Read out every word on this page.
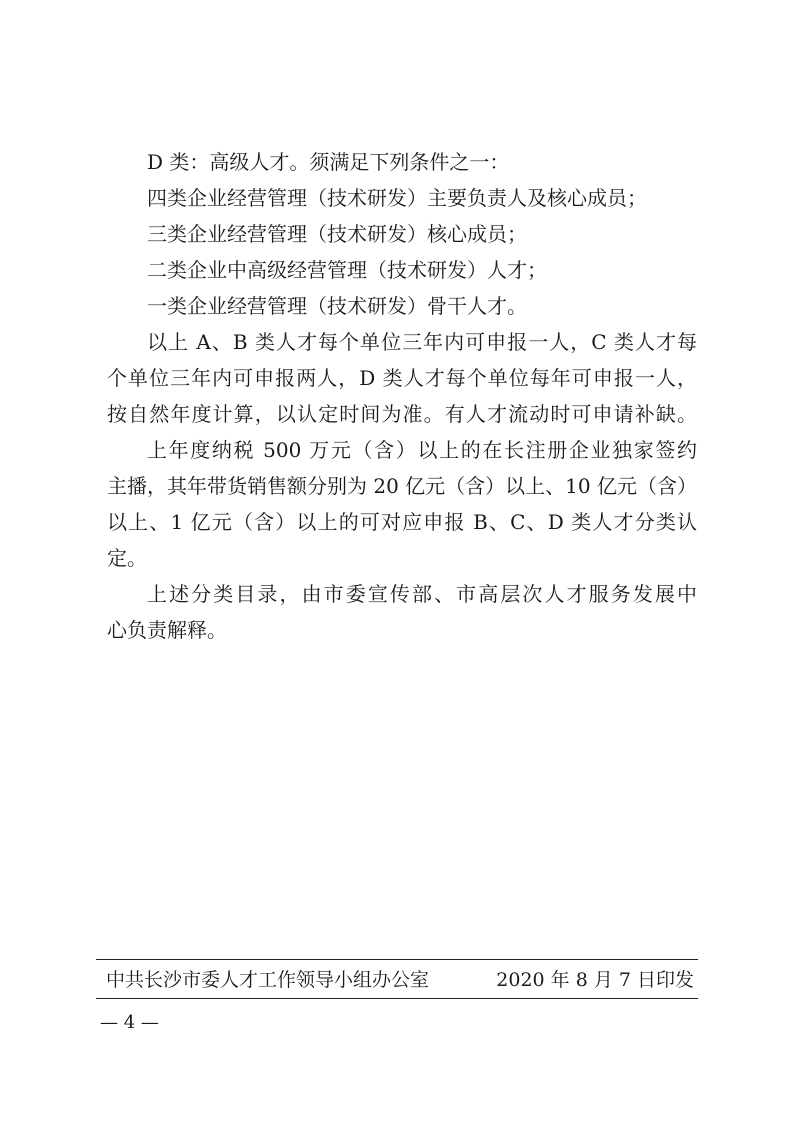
D 类：高级人才。须满足下列条件之一：
四类企业经营管理（技术研发）主要负责人及核心成员；
三类企业经营管理（技术研发）核心成员；
二类企业中高级经营管理（技术研发）人才；
一类企业经营管理（技术研发）骨干人才。
以上 A、B 类人才每个单位三年内可申报一人，C 类人才每
个单位三年内可申报两人，D 类人才每个单位每年可申报一人，
按自然年度计算，以认定时间为准。有人才流动时可申请补缺。
上年度纳税 500 万元（含）以上的在长注册企业独家签约
主播，其年带货销售额分别为 20 亿元（含）以上、10 亿元（含）
以上、1 亿元（含）以上的可对应申报 B、C、D 类人才分类认
定。
上述分类目录，由市委宣传部、市高层次人才服务发展中
心负责解释。
中共长沙市委人才工作领导小组办公室	2020 年 8 月 7 日印发
— 4 —
